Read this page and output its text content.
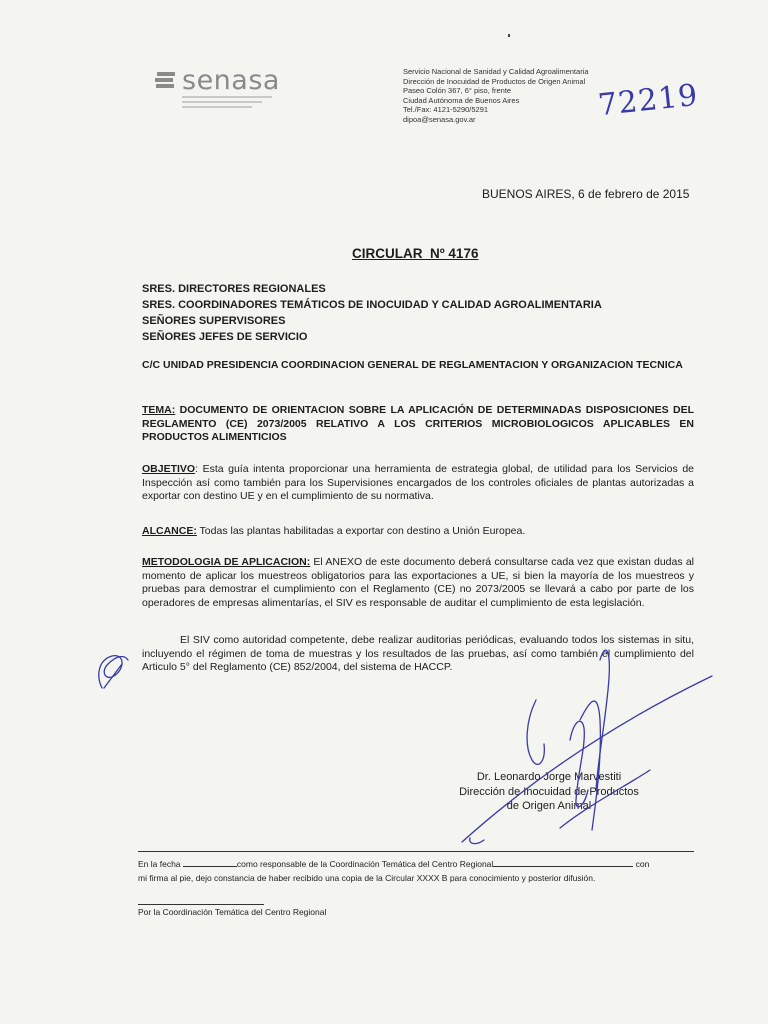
senasa	Servicio Nacional de Sanidad y Calidad Agroalimentaria
Dirección de Inocuidad de Productos de Origen Animal
Paseo Colón 367, 6° piso, frente
Ciudad Autónoma de Buenos Aires
Tel./Fax: 4121-5290/5291
dipoa@senasa.gov.ar	72219
BUENOS AIRES, 6 de febrero de 2015
CIRCULAR  Nº 4176
SRES. DIRECTORES REGIONALES
SRES. COORDINADORES TEMÁTICOS DE INOCUIDAD Y CALIDAD AGROALIMENTARIA
SEÑORES SUPERVISORES
SEÑORES JEFES DE SERVICIO
C/C UNIDAD PRESIDENCIA COORDINACION GENERAL DE REGLAMENTACION Y ORGANIZACION TECNICA
TEMA: DOCUMENTO DE ORIENTACION SOBRE LA APLICACIÓN DE DETERMINADAS DISPOSICIONES DEL REGLAMENTO (CE) 2073/2005 RELATIVO A LOS CRITERIOS MICROBIOLOGICOS APLICABLES EN PRODUCTOS ALIMENTICIOS
OBJETIVO: Esta guía intenta proporcionar una herramienta de estrategia global, de utilidad para los Servicios de Inspección así como también para los Supervisiones encargados de los controles oficiales de plantas autorizadas a exportar con destino UE y en el cumplimiento de su normativa.
ALCANCE: Todas las plantas habilitadas a exportar con destino a Unión Europea.
METODOLOGIA DE APLICACION: El ANEXO de este documento deberá consultarse cada vez que existan dudas al momento de aplicar los muestreos obligatorios para las exportaciones a UE, si bien la mayoría de los muestreos y pruebas para demostrar el cumplimiento con el Reglamento (CE) no 2073/2005 se llevará a cabo por parte de los operadores de empresas alimentarías, el SIV es responsable de auditar el cumplimiento de esta legislación.
El SIV como autoridad competente, debe realizar auditorias periódicas, evaluando todos los sistemas in situ, incluyendo el régimen de toma de muestras y los resultados de las pruebas, así como también el cumplimiento del Articulo 5° del Reglamento (CE) 852/2004, del sistema de HACCP.
Dr. Leonardo Jorge Marvestiti
Dirección de Inocuidad de Productos
de Origen Animal
En la fecha	como responsable de la Coordinación Temática del Centro Regional	con
mi firma al pie, dejo constancia de haber recibido una copia de la Circular XXXX B para conocimiento y posterior difusión.
Por la Coordinación Temática del Centro Regional
